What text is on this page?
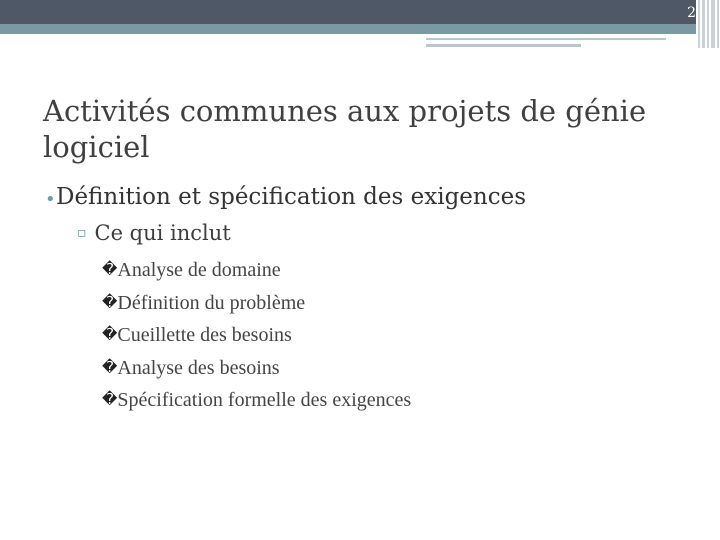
2
Activités communes aux projets de génie logiciel
• Définition et spécification des exigences
▫ Ce qui inclut
�Analyse de domaine
�Définition du problème
�Cueillette des besoins
�Analyse des besoins
�Spécification formelle des exigences
